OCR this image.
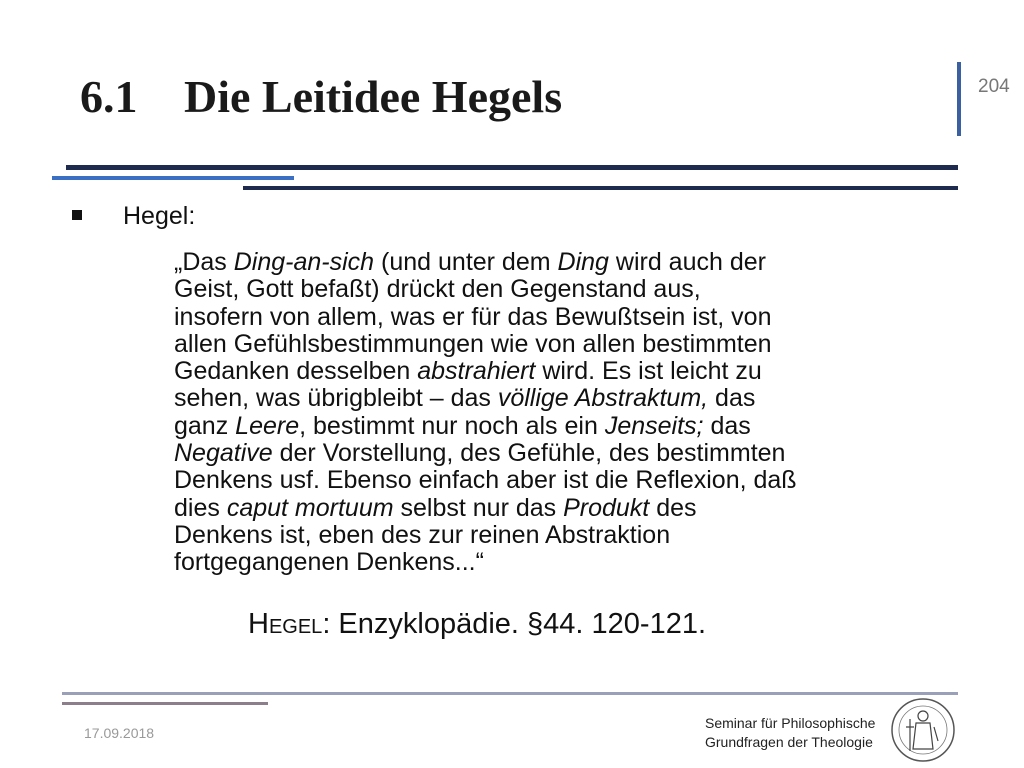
6.1 Die Leitidee Hegels	204
Hegel:
„Das Ding-an-sich (und unter dem Ding wird auch der
Geist, Gott befaßt) drückt den Gegenstand aus,
insofern von allem, was er für das Bewußtsein ist, von
allen Gefühlsbestimmungen wie von allen bestimmten
Gedanken desselben abstrahiert wird. Es ist leicht zu
sehen, was übrigbleibt – das völlige Abstraktum, das
ganz Leere, bestimmt nur noch als ein Jenseits; das
Negative der Vorstellung, des Gefühle, des bestimmten
Denkens usf. Ebenso einfach aber ist die Reflexion, daß
dies caput mortuum selbst nur das Produkt des
Denkens ist, eben des zur reinen Abstraktion
fortgegangenen Denkens...“
Hegel: Enzyklopädie. §44. 120-121.
17.09.2018
Seminar für Philosophische
Grundfragen der Theologie
